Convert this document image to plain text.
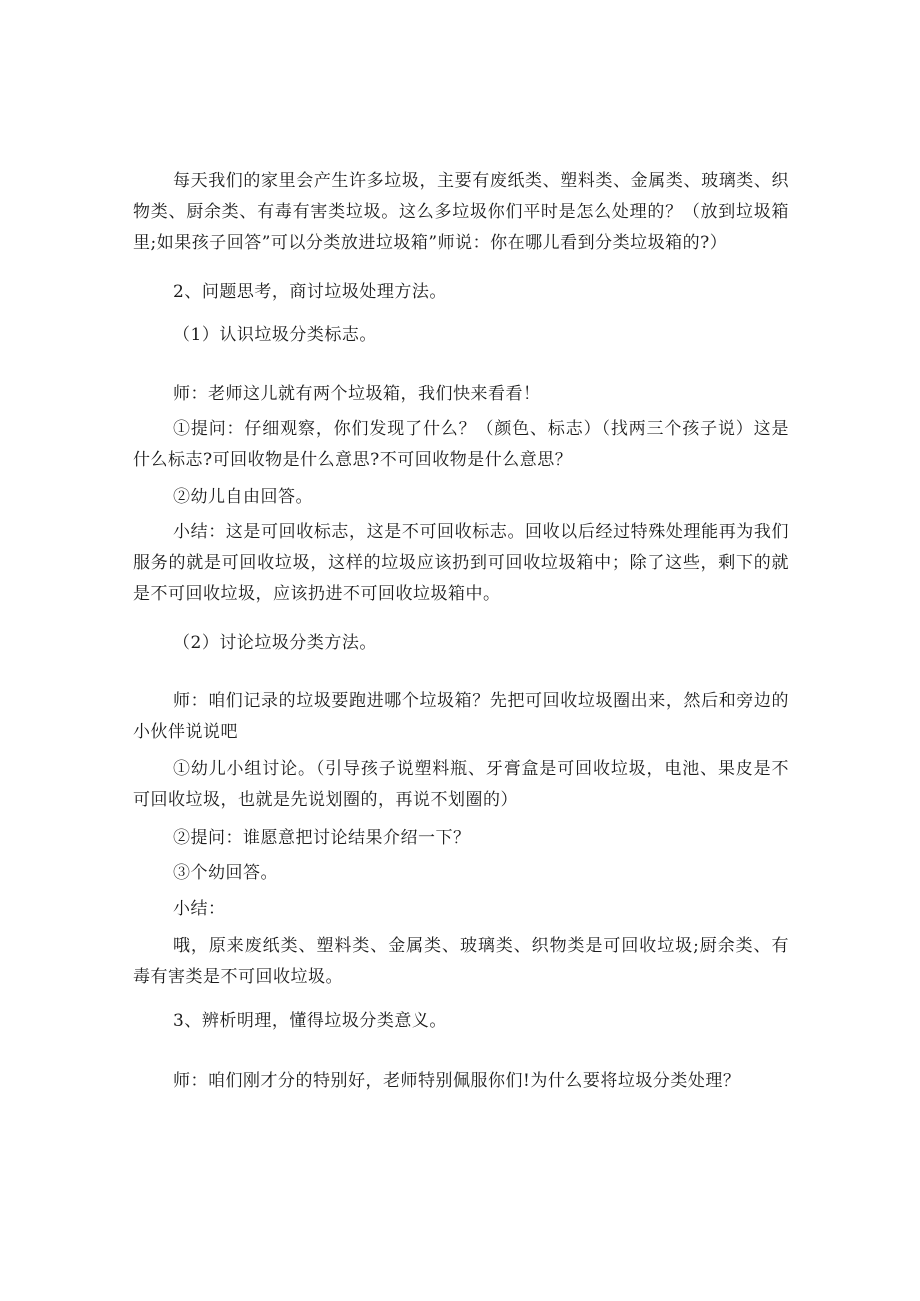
每天我们的家里会产生许多垃圾，主要有废纸类、塑料类、金属类、玻璃类、织物类、厨余类、有毒有害类垃圾。这么多垃圾你们平时是怎么处理的？（放到垃圾箱里;如果孩子回答”可以分类放进垃圾箱”师说：你在哪儿看到分类垃圾箱的?）

2、问题思考，商讨垃圾处理方法。

（1）认识垃圾分类标志。

师：老师这儿就有两个垃圾箱，我们快来看看！

①提问：仔细观察，你们发现了什么？（颜色、标志）（找两三个孩子说）这是什么标志?可回收物是什么意思?不可回收物是什么意思？

②幼儿自由回答。

小结：这是可回收标志，这是不可回收标志。回收以后经过特殊处理能再为我们服务的就是可回收垃圾，这样的垃圾应该扔到可回收垃圾箱中；除了这些，剩下的就是不可回收垃圾，应该扔进不可回收垃圾箱中。

（2）讨论垃圾分类方法。

师：咱们记录的垃圾要跑进哪个垃圾箱？先把可回收垃圾圈出来，然后和旁边的小伙伴说说吧

①幼儿小组讨论。（引导孩子说塑料瓶、牙膏盒是可回收垃圾，电池、果皮是不可回收垃圾，也就是先说划圈的，再说不划圈的）

②提问：谁愿意把讨论结果介绍一下？

③个幼回答。

小结：

哦，原来废纸类、塑料类、金属类、玻璃类、织物类是可回收垃圾;厨余类、有毒有害类是不可回收垃圾。

3、辨析明理，懂得垃圾分类意义。

师：咱们刚才分的特别好，老师特别佩服你们!为什么要将垃圾分类处理？
